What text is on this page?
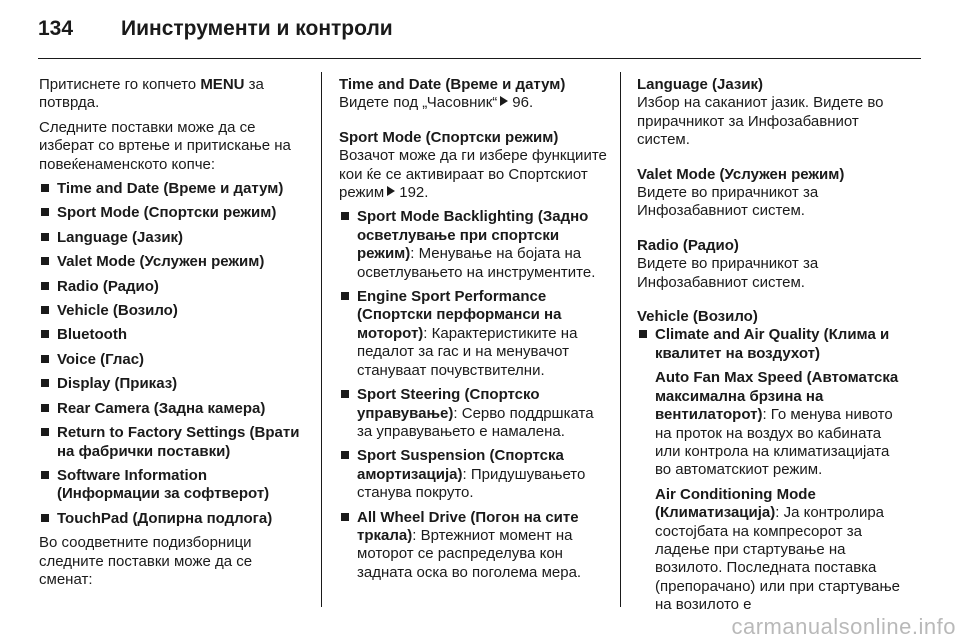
134 Иинструменти и контроли

Притиснете го копчето MENU за потврда.

Следните поставки може да се изберат со вртење и притискање на повеќенаменското копче:

Time and Date (Време и датум)
Sport Mode (Спортски режим)
Language (Јазик)
Valet Mode (Услужен режим)
Radio (Радио)
Vehicle (Возило)
Bluetooth
Voice (Глас)
Display (Приказ)
Rear Camera (Задна камера)
Return to Factory Settings (Врати на фабрички поставки)
Software Information (Информации за софтверот)
TouchPad (Допирна подлога)

Во соодветните подизборници следните поставки може да се сменат:

Time and Date (Време и датум)
Видете под „Часовник“ 96.
Sport Mode (Спортски режим)
Возачот може да ги избере функциите кои ќе се активираат во Спортскиот режим 192.
Sport Mode Backlighting (Задно осветлување при спортски режим): Менување на бојата на осветлувањето на инструментите.
Engine Sport Performance (Спортски перформанси на моторот): Карактеристиките на педалот за гас и на менувачот стануваат почувствителни.
Sport Steering (Спортско управување): Серво поддршката за управувањето е намалена.
Sport Suspension (Спортска амортизација): Придушувањето станува покруто.
All Wheel Drive (Погон на сите тркала): Вртежниот момент на моторот се распределува кон задната оска во поголема мера.
Language (Јазик)
Избор на саканиот јазик. Видете во прирачникот за Инфозабавниот систем.
Valet Mode (Услужен режим)
Видете во прирачникот за Инфозабавниот систем.
Radio (Радио)
Видете во прирачникот за Инфозабавниот систем.
Vehicle (Возило)
Climate and Air Quality (Клима и квалитет на воздухот)
Auto Fan Max Speed (Автоматска максимална брзина на вентилаторот): Го менува нивото на проток на воздух во кабината или контрола на климатизацијата во автоматскиот режим.
Air Conditioning Mode (Климатизација): Ја контролира состојбата на компресорот за ладење при стартување на возилото. Последната поставка (препорачано) или при стартување на возилото е
carmanualsonline.info
